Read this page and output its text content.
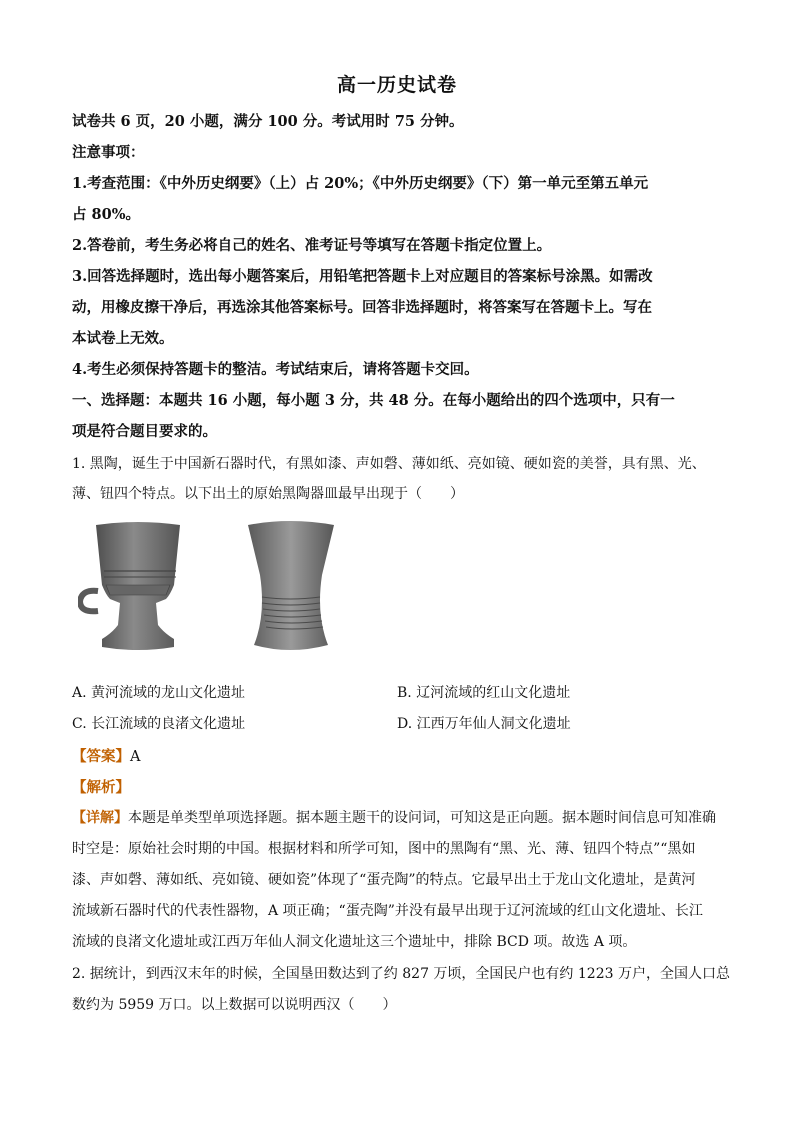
高一历史试卷
试卷共 6 页，20 小题，满分 100 分。考试用时 75 分钟。
注意事项：
1.考查范围：《中外历史纲要》（上）占 20%；《中外历史纲要》（下）第一单元至第五单元
占 80%。
2.答卷前，考生务必将自己的姓名、准考证号等填写在答题卡指定位置上。
3.回答选择题时，选出每小题答案后，用铅笔把答题卡上对应题目的答案标号涂黑。如需改
动，用橡皮擦干净后，再选涂其他答案标号。回答非选择题时，将答案写在答题卡上。写在
本试卷上无效。
4.考生必须保持答题卡的整洁。考试结束后，请将答题卡交回。
一、选择题：本题共 16 小题，每小题 3 分，共 48 分。在每小题给出的四个选项中，只有一
项是符合题目要求的。
1. 黑陶，诞生于中国新石器时代，有黑如漆、声如磬、薄如纸、亮如镜、硬如瓷的美誉，具有黑、光、
薄、钮四个特点。以下出土的原始黑陶器皿最早出现于（　　）
A. 黄河流域的龙山文化遗址	B. 辽河流域的红山文化遗址
C. 长江流域的良渚文化遗址	D. 江西万年仙人洞文化遗址
【答案】A
【解析】
【详解】本题是单类型单项选择题。据本题主题干的设问词，可知这是正向题。据本题时间信息可知准确
时空是：原始社会时期的中国。根据材料和所学可知，图中的黑陶有“黑、光、薄、钮四个特点”“黑如
漆、声如磬、薄如纸、亮如镜、硬如瓷”体现了“蛋壳陶”的特点。它最早出土于龙山文化遗址，是黄河
流域新石器时代的代表性器物，A 项正确；“蛋壳陶”并没有最早出现于辽河流域的红山文化遗址、长江
流域的良渚文化遗址或江西万年仙人洞文化遗址这三个遗址中，排除 BCD 项。故选 A 项。
2. 据统计，到西汉末年的时候，全国垦田数达到了约 827 万顷，全国民户也有约 1223 万户，全国人口总
数约为 5959 万口。以上数据可以说明西汉（　　）
